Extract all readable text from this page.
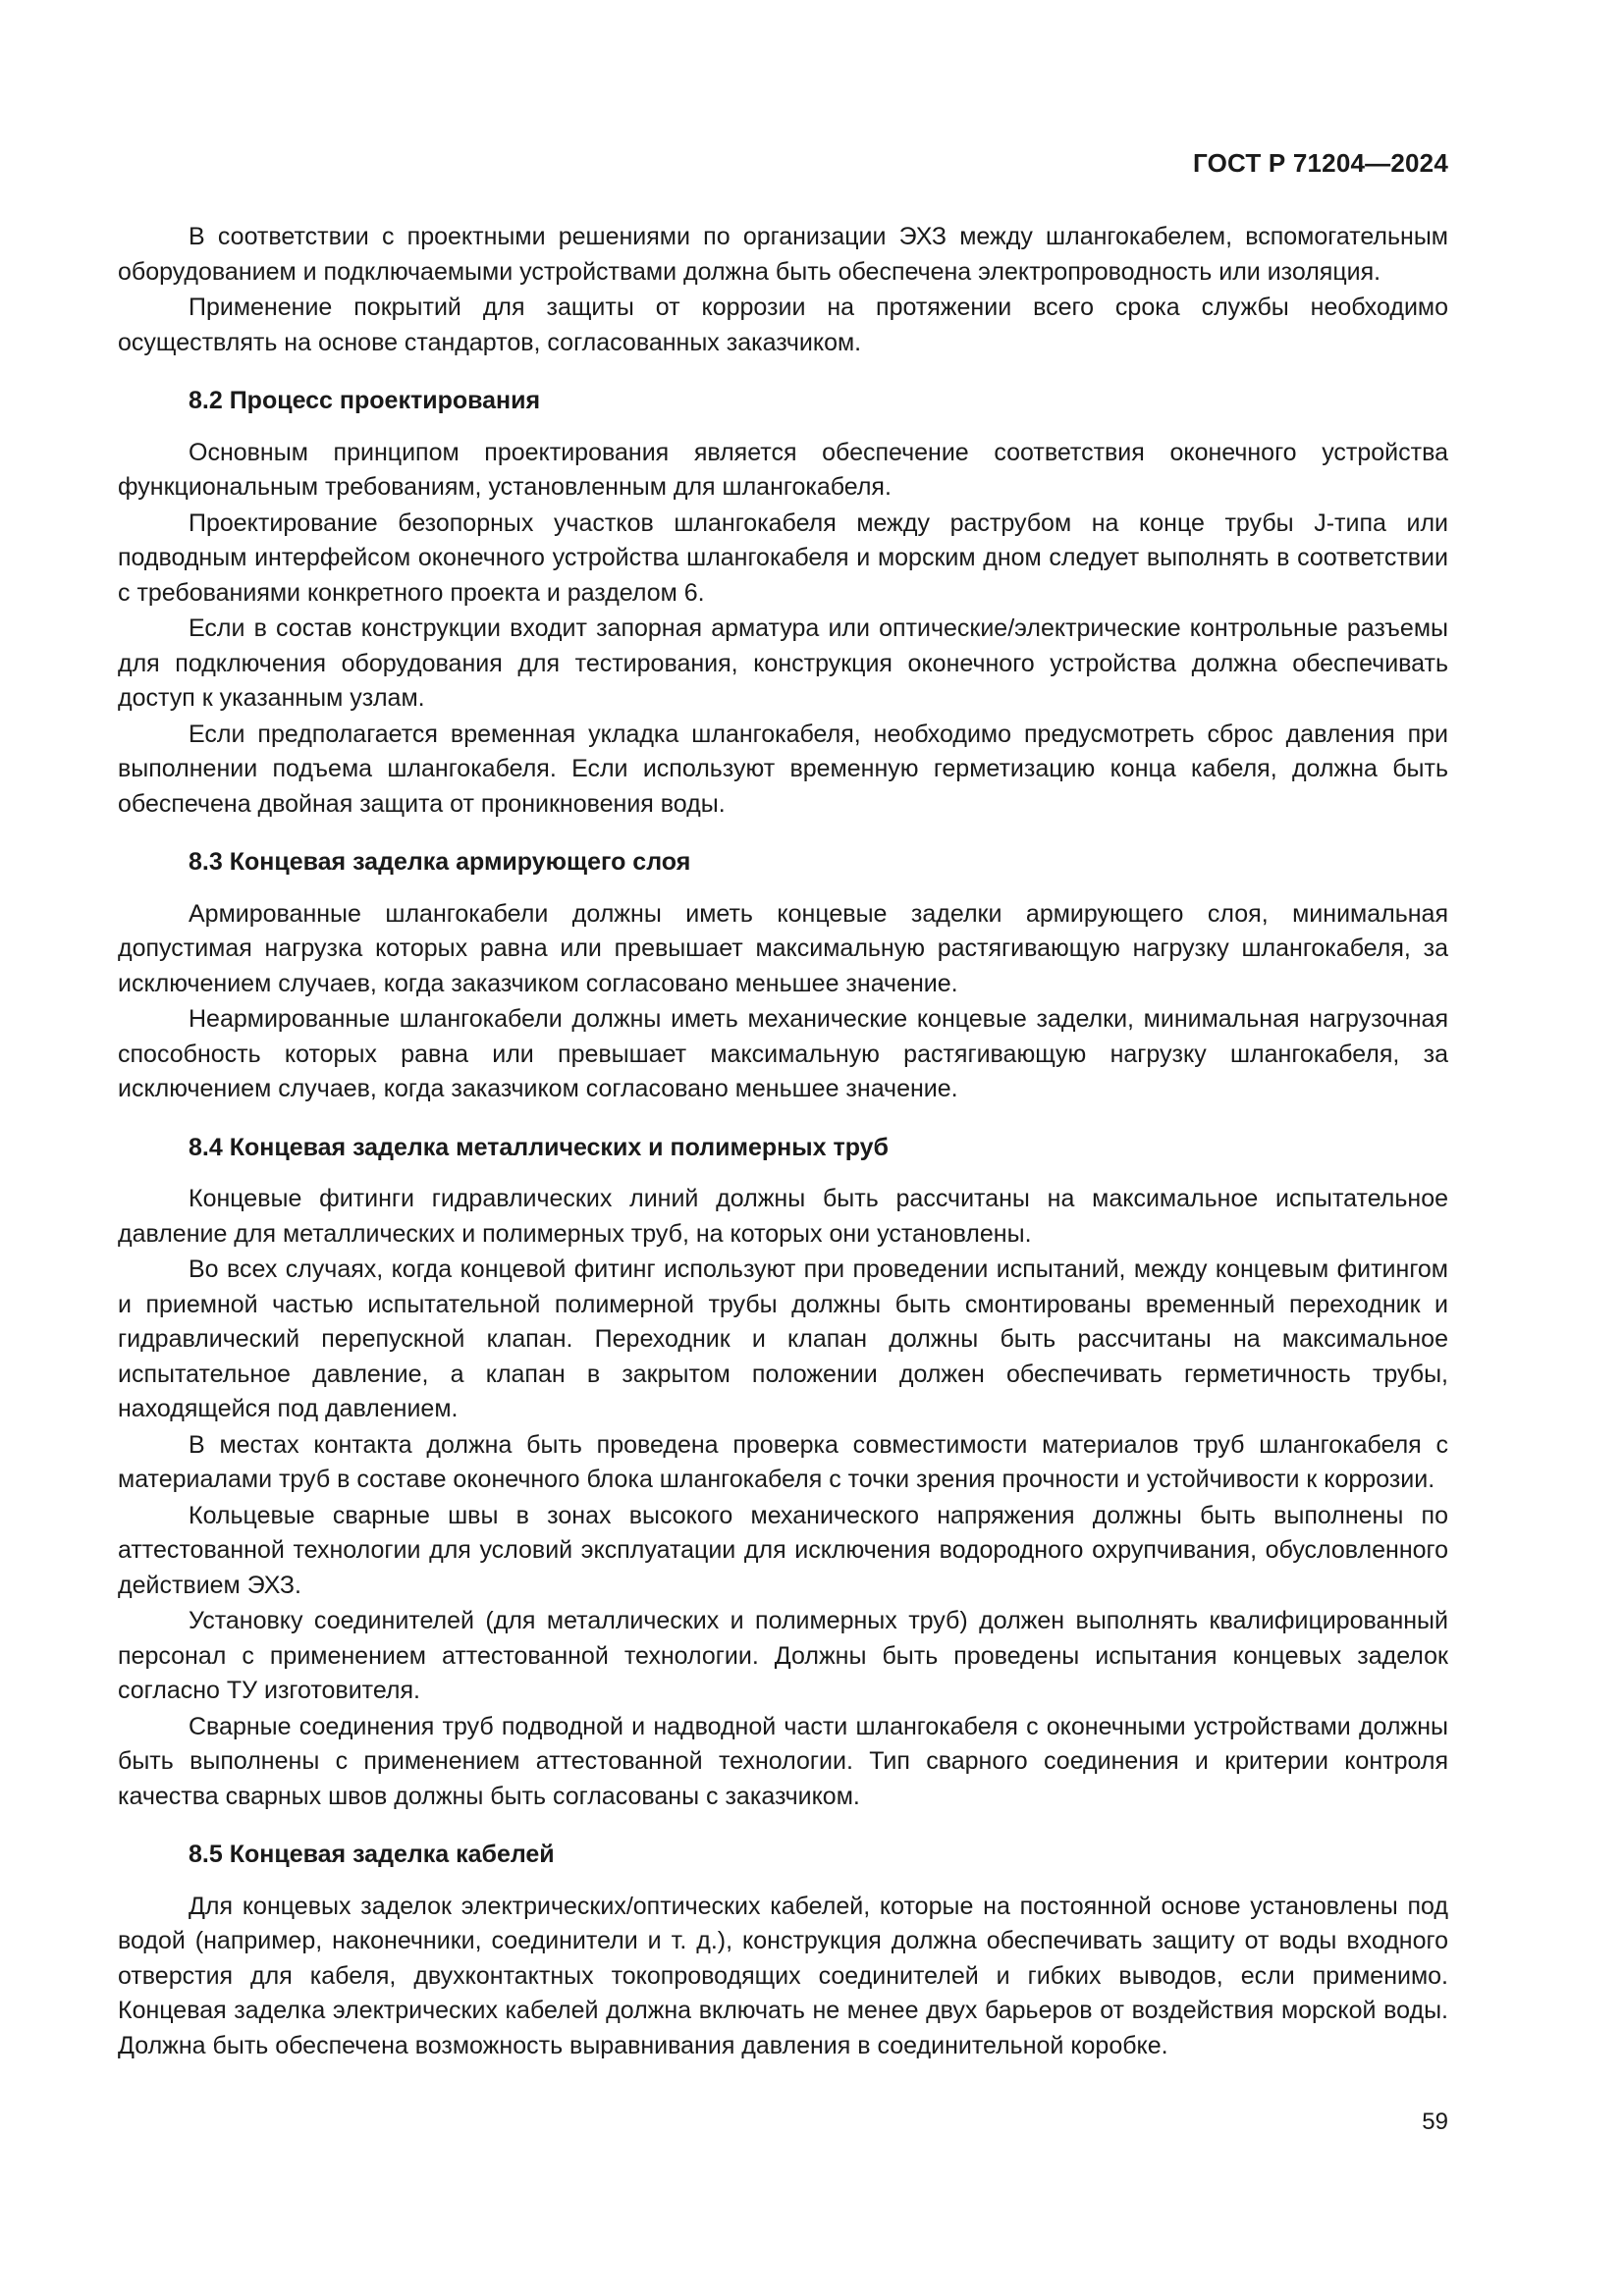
ГОСТ Р 71204—2024

В соответствии с проектными решениями по организации ЭХЗ между шлангокабелем, вспомогательным оборудованием и подключаемыми устройствами должна быть обеспечена электропроводность или изоляция.

Применение покрытий для защиты от коррозии на протяжении всего срока службы необходимо осуществлять на основе стандартов, согласованных заказчиком.

8.2 Процесс проектирования

Основным принципом проектирования является обеспечение соответствия оконечного устройства функциональным требованиям, установленным для шлангокабеля.

Проектирование безопорных участков шлангокабеля между раструбом на конце трубы J-типа или подводным интерфейсом оконечного устройства шлангокабеля и морским дном следует выполнять в соответствии с требованиями конкретного проекта и разделом 6.

Если в состав конструкции входит запорная арматура или оптические/электрические контрольные разъемы для подключения оборудования для тестирования, конструкция оконечного устройства должна обеспечивать доступ к указанным узлам.

Если предполагается временная укладка шлангокабеля, необходимо предусмотреть сброс давления при выполнении подъема шлангокабеля. Если используют временную герметизацию конца кабеля, должна быть обеспечена двойная защита от проникновения воды.

8.3 Концевая заделка армирующего слоя

Армированные шлангокабели должны иметь концевые заделки армирующего слоя, минимальная допустимая нагрузка которых равна или превышает максимальную растягивающую нагрузку шлангокабеля, за исключением случаев, когда заказчиком согласовано меньшее значение.

Неармированные шлангокабели должны иметь механические концевые заделки, минимальная нагрузочная способность которых равна или превышает максимальную растягивающую нагрузку шлангокабеля, за исключением случаев, когда заказчиком согласовано меньшее значение.

8.4 Концевая заделка металлических и полимерных труб

Концевые фитинги гидравлических линий должны быть рассчитаны на максимальное испытательное давление для металлических и полимерных труб, на которых они установлены.

Во всех случаях, когда концевой фитинг используют при проведении испытаний, между концевым фитингом и приемной частью испытательной полимерной трубы должны быть смонтированы временный переходник и гидравлический перепускной клапан. Переходник и клапан должны быть рассчитаны на максимальное испытательное давление, а клапан в закрытом положении должен обеспечивать герметичность трубы, находящейся под давлением.

В местах контакта должна быть проведена проверка совместимости материалов труб шлангокабеля с материалами труб в составе оконечного блока шлангокабеля с точки зрения прочности и устойчивости к коррозии.

Кольцевые сварные швы в зонах высокого механического напряжения должны быть выполнены по аттестованной технологии для условий эксплуатации для исключения водородного охрупчивания, обусловленного действием ЭХЗ.

Установку соединителей (для металлических и полимерных труб) должен выполнять квалифицированный персонал с применением аттестованной технологии. Должны быть проведены испытания концевых заделок согласно ТУ изготовителя.

Сварные соединения труб подводной и надводной части шлангокабеля с оконечными устройствами должны быть выполнены с применением аттестованной технологии. Тип сварного соединения и критерии контроля качества сварных швов должны быть согласованы с заказчиком.

8.5 Концевая заделка кабелей

Для концевых заделок электрических/оптических кабелей, которые на постоянной основе установлены под водой (например, наконечники, соединители и т. д.), конструкция должна обеспечивать защиту от воды входного отверстия для кабеля, двухконтактных токопроводящих соединителей и гибких выводов, если применимо. Концевая заделка электрических кабелей должна включать не менее двух барьеров от воздействия морской воды. Должна быть обеспечена возможность выравнивания давления в соединительной коробке.

59
